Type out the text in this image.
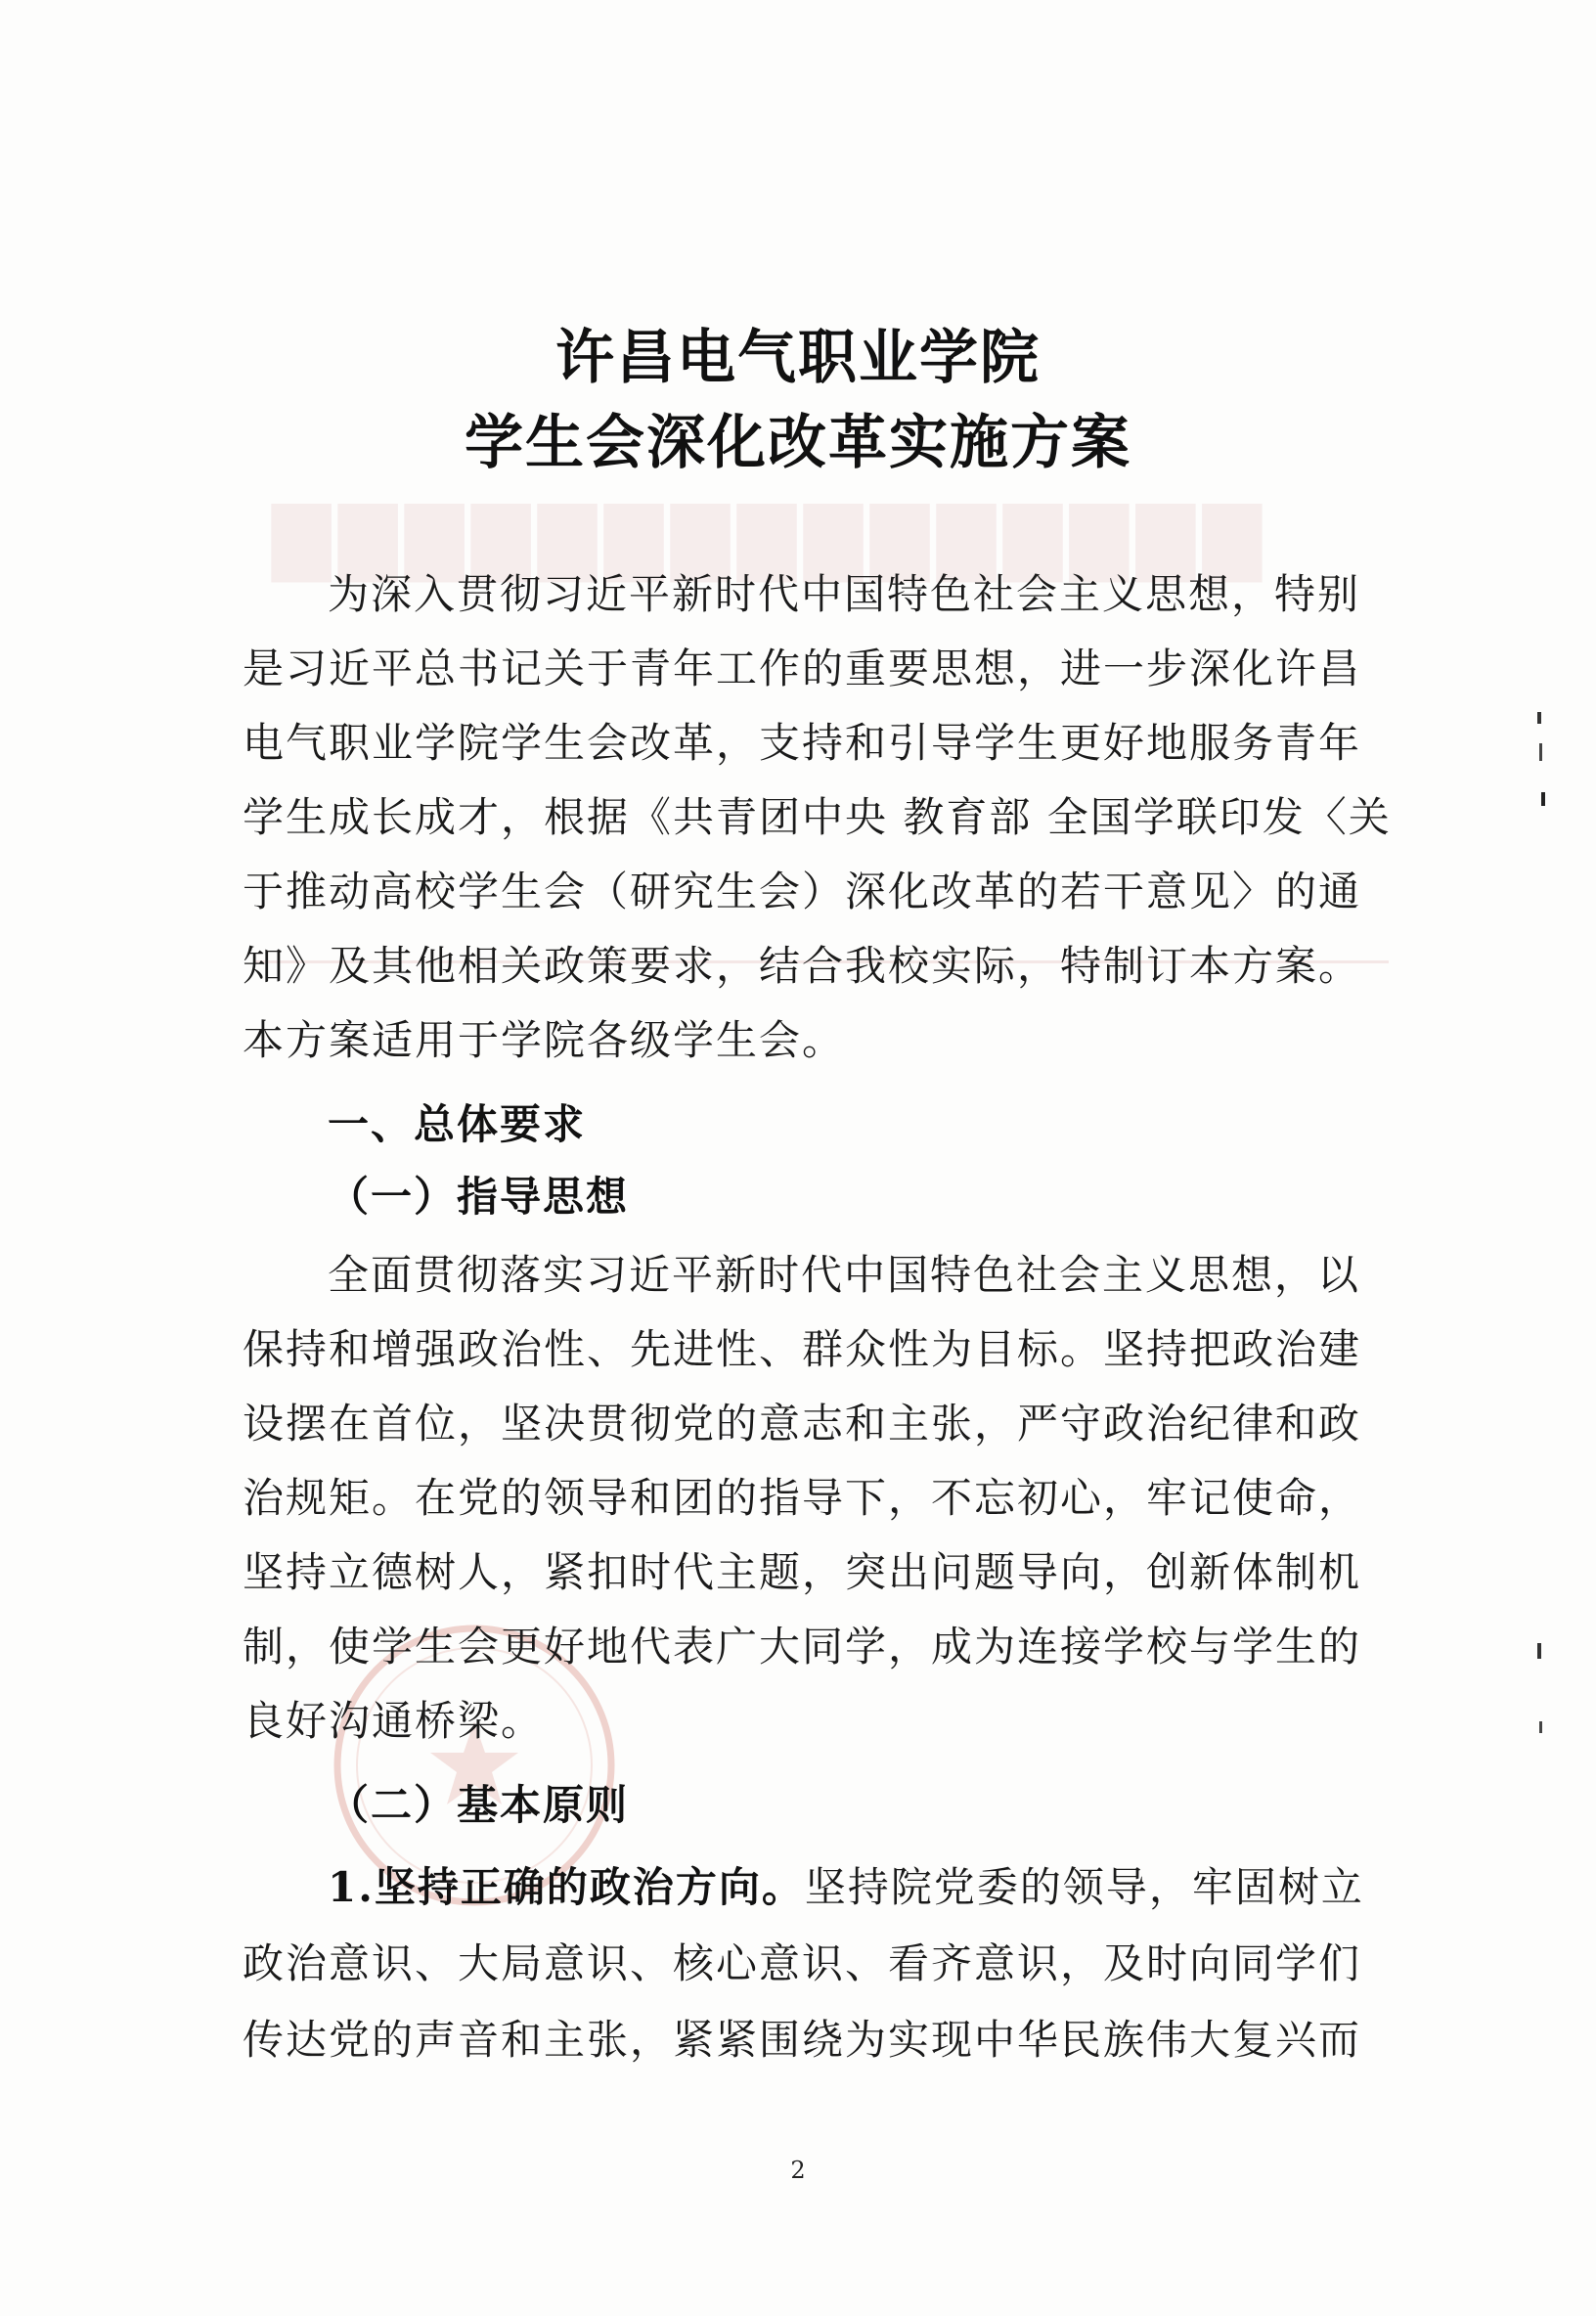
▇▇▇▇▇▇▇▇▇▇▇▇▇▇▇
许昌电气职业学院
学生会深化改革实施方案
为深入贯彻习近平新时代中国特色社会主义思想，特别
是习近平总书记关于青年工作的重要思想，进一步深化许昌
电气职业学院学生会改革，支持和引导学生更好地服务青年
学生成长成才，根据《共青团中央 教育部 全国学联印发〈关
于推动高校学生会（研究生会）深化改革的若干意见〉的通
知》及其他相关政策要求，结合我校实际，特制订本方案。
本方案适用于学院各级学生会。
一、总体要求
（一）指导思想
全面贯彻落实习近平新时代中国特色社会主义思想，以
保持和增强政治性、先进性、群众性为目标。坚持把政治建
设摆在首位，坚决贯彻党的意志和主张，严守政治纪律和政
治规矩。在党的领导和团的指导下，不忘初心，牢记使命，
坚持立德树人，紧扣时代主题，突出问题导向，创新体制机
制，使学生会更好地代表广大同学，成为连接学校与学生的
良好沟通桥梁。
（二）基本原则
1.坚持正确的政治方向。坚持院党委的领导，牢固树立
政治意识、大局意识、核心意识、看齐意识，及时向同学们
传达党的声音和主张，紧紧围绕为实现中华民族伟大复兴而
2
